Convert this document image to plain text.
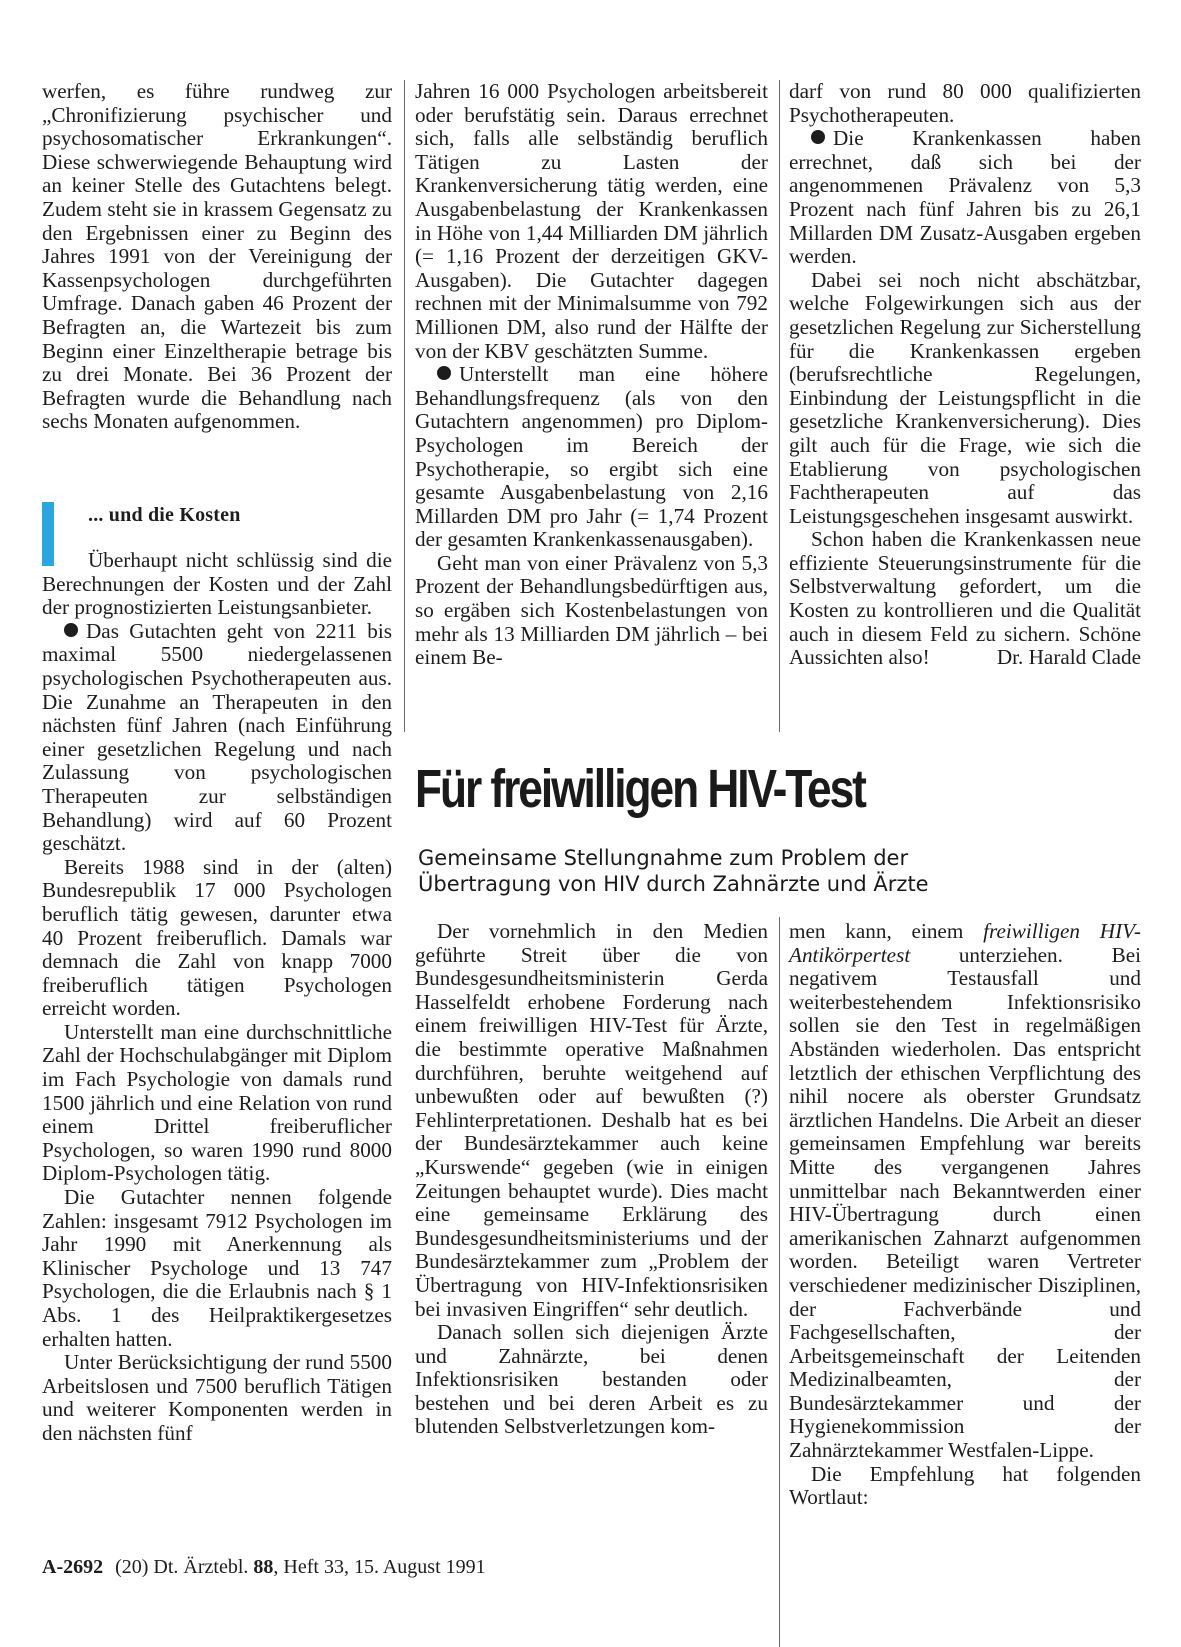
werfen, es führe rundweg zur „Chronifizierung psychischer und psychosomatischer Erkrankungen“. Diese schwerwiegende Behauptung wird an keiner Stelle des Gutachtens belegt. Zudem steht sie in krassem Gegensatz zu den Ergebnissen einer zu Beginn des Jahres 1991 von der Vereinigung der Kassenpsychologen durchgeführten Umfrage. Danach gaben 46 Prozent der Befragten an, die Wartezeit bis zum Beginn einer Einzeltherapie betrage bis zu drei Monate. Bei 36 Prozent der Befragten wurde die Behandlung nach sechs Monaten aufgenommen.

... und die Kosten

Überhaupt nicht schlüssig sind die Berechnungen der Kosten und der Zahl der prognostizierten Leistungsanbieter.

Das Gutachten geht von 2211 bis maximal 5500 niedergelassenen psychologischen Psychotherapeuten aus. Die Zunahme an Therapeuten in den nächsten fünf Jahren (nach Einführung einer gesetzlichen Regelung und nach Zulassung von psychologischen Therapeuten zur selbständigen Behandlung) wird auf 60 Prozent geschätzt.

Bereits 1988 sind in der (alten) Bundesrepublik 17 000 Psychologen beruflich tätig gewesen, darunter etwa 40 Prozent freiberuflich. Damals war demnach die Zahl von knapp 7000 freiberuflich tätigen Psychologen erreicht worden.

Unterstellt man eine durchschnittliche Zahl der Hochschulabgänger mit Diplom im Fach Psychologie von damals rund 1500 jährlich und eine Relation von rund einem Drittel freiberuflicher Psychologen, so waren 1990 rund 8000 Diplom-Psychologen tätig.

Die Gutachter nennen folgende Zahlen: insgesamt 7912 Psychologen im Jahr 1990 mit Anerkennung als Klinischer Psychologe und 13 747 Psychologen, die die Erlaubnis nach § 1 Abs. 1 des Heilpraktikergesetzes erhalten hatten.

Unter Berücksichtigung der rund 5500 Arbeitslosen und 7500 beruflich Tätigen und weiterer Komponenten werden in den nächsten fünf

Jahren 16 000 Psychologen arbeitsbereit oder berufstätig sein. Daraus errechnet sich, falls alle selbständig beruflich Tätigen zu Lasten der Krankenversicherung tätig werden, eine Ausgabenbelastung der Krankenkassen in Höhe von 1,44 Milliarden DM jährlich (= 1,16 Prozent der derzeitigen GKV-Ausgaben). Die Gutachter dagegen rechnen mit der Minimalsumme von 792 Millionen DM, also rund der Hälfte der von der KBV geschätzten Summe.

Unterstellt man eine höhere Behandlungsfrequenz (als von den Gutachtern angenommen) pro Diplom-Psychologen im Bereich der Psychotherapie, so ergibt sich eine gesamte Ausgabenbelastung von 2,16 Millarden DM pro Jahr (= 1,74 Prozent der gesamten Krankenkassenausgaben).

Geht man von einer Prävalenz von 5,3 Prozent der Behandlungsbedürftigen aus, so ergäben sich Kostenbelastungen von mehr als 13 Milliarden DM jährlich – bei einem Be-

darf von rund 80 000 qualifizierten Psychotherapeuten.

Die Krankenkassen haben errechnet, daß sich bei der angenommenen Prävalenz von 5,3 Prozent nach fünf Jahren bis zu 26,1 Millarden DM Zusatz-Ausgaben ergeben werden.

Dabei sei noch nicht abschätzbar, welche Folgewirkungen sich aus der gesetzlichen Regelung zur Sicherstellung für die Krankenkassen ergeben (berufsrechtliche Regelungen, Einbindung der Leistungspflicht in die gesetzliche Krankenversicherung). Dies gilt auch für die Frage, wie sich die Etablierung von psychologischen Fachtherapeuten auf das Leistungsgeschehen insgesamt auswirkt.

Schon haben die Krankenkassen neue effiziente Steuerungsinstrumente für die Selbstverwaltung gefordert, um die Kosten zu kontrollieren und die Qualität auch in diesem Feld zu sichern. Schöne Aussichten also!	Dr. Harald Clade

Für freiwilligen HIV-Test
Gemeinsame Stellungnahme zum Problem der
Übertragung von HIV durch Zahnärzte und Ärzte

Der vornehmlich in den Medien geführte Streit über die von Bundesgesundheitsministerin Gerda Hasselfeldt erhobene Forderung nach einem freiwilligen HIV-Test für Ärzte, die bestimmte operative Maßnahmen durchführen, beruhte weitgehend auf unbewußten oder auf bewußten (?) Fehlinterpretationen. Deshalb hat es bei der Bundesärztekammer auch keine „Kurswende“ gegeben (wie in einigen Zeitungen behauptet wurde). Dies macht eine gemeinsame Erklärung des Bundesgesundheitsministeriums und der Bundesärztekammer zum „Problem der Übertragung von HIV-Infektionsrisiken bei invasiven Eingriffen“ sehr deutlich.

Danach sollen sich diejenigen Ärzte und Zahnärzte, bei denen Infektionsrisiken bestanden oder bestehen und bei deren Arbeit es zu blutenden Selbstverletzungen kom-

men kann, einem freiwilligen HIV-Antikörpertest unterziehen. Bei negativem Testausfall und weiterbestehendem Infektionsrisiko sollen sie den Test in regelmäßigen Abständen wiederholen. Das entspricht letztlich der ethischen Verpflichtung des nihil nocere als oberster Grundsatz ärztlichen Handelns. Die Arbeit an dieser gemeinsamen Empfehlung war bereits Mitte des vergangenen Jahres unmittelbar nach Bekanntwerden einer HIV-Übertragung durch einen amerikanischen Zahnarzt aufgenommen worden. Beteiligt waren Vertreter verschiedener medizinischer Disziplinen, der Fachverbände und Fachgesellschaften, der Arbeitsgemeinschaft der Leitenden Medizinalbeamten, der Bundesärztekammer und der Hygienekommission der Zahnärztekammer Westfalen-Lippe.

Die Empfehlung hat folgenden Wortlaut:

A-2692 (20) Dt. Ärztebl. 88, Heft 33, 15. August 1991
